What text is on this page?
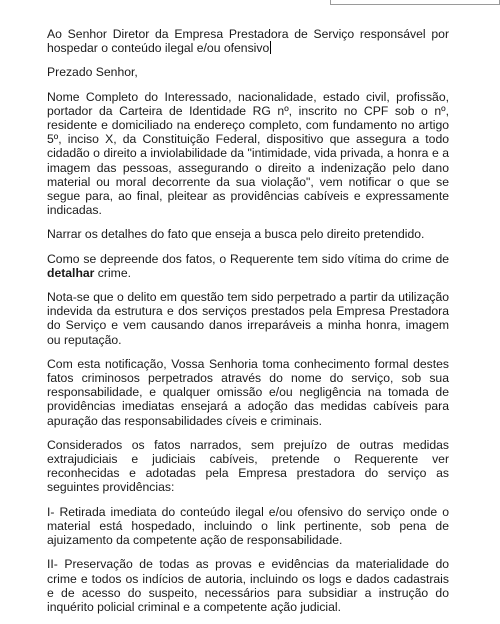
Ao Senhor Diretor da Empresa Prestadora de Serviço responsável por hospedar o conteúdo ilegal e/ou ofensivo

Prezado Senhor,

Nome Completo do Interessado, nacionalidade, estado civil, profissão, portador da Carteira de Identidade RG nº, inscrito no CPF sob o nº, residente e domiciliado na endereço completo, com fundamento no artigo 5º, inciso X, da Constituição Federal, dispositivo que assegura a todo cidadão o direito a inviolabilidade da "intimidade, vida privada, a honra e a imagem das pessoas, assegurando o direito a indenização pelo dano material ou moral decorrente da sua violação", vem notificar o que se segue para, ao final, pleitear as providências cabíveis e expressamente indicadas.

Narrar os detalhes do fato que enseja a busca pelo direito pretendido.

Como se depreende dos fatos, o Requerente tem sido vítima do crime de detalhar crime.

Nota-se que o delito em questão tem sido perpetrado a partir da utilização indevida da estrutura e dos serviços prestados pela Empresa Prestadora do Serviço e vem causando danos irreparáveis a minha honra, imagem ou reputação.

Com esta notificação, Vossa Senhoria toma conhecimento formal destes fatos criminosos perpetrados através do nome do serviço, sob sua responsabilidade, e qualquer omissão e/ou negligência na tomada de providências imediatas ensejará a adoção das medidas cabíveis para apuração das responsabilidades cíveis e criminais.

Considerados os fatos narrados, sem prejuízo de outras medidas extrajudiciais e judiciais cabíveis, pretende o Requerente ver reconhecidas e adotadas pela Empresa prestadora do serviço as seguintes providências:

I- Retirada imediata do conteúdo ilegal e/ou ofensivo do serviço onde o material está hospedado, incluindo o link pertinente, sob pena de ajuizamento da competente ação de responsabilidade.

II- Preservação de todas as provas e evidências da materialidade do crime e todos os indícios de autoria, incluindo os logs e dados cadastrais e de acesso do suspeito, necessários para subsidiar a instrução do inquérito policial criminal e a competente ação judicial.
